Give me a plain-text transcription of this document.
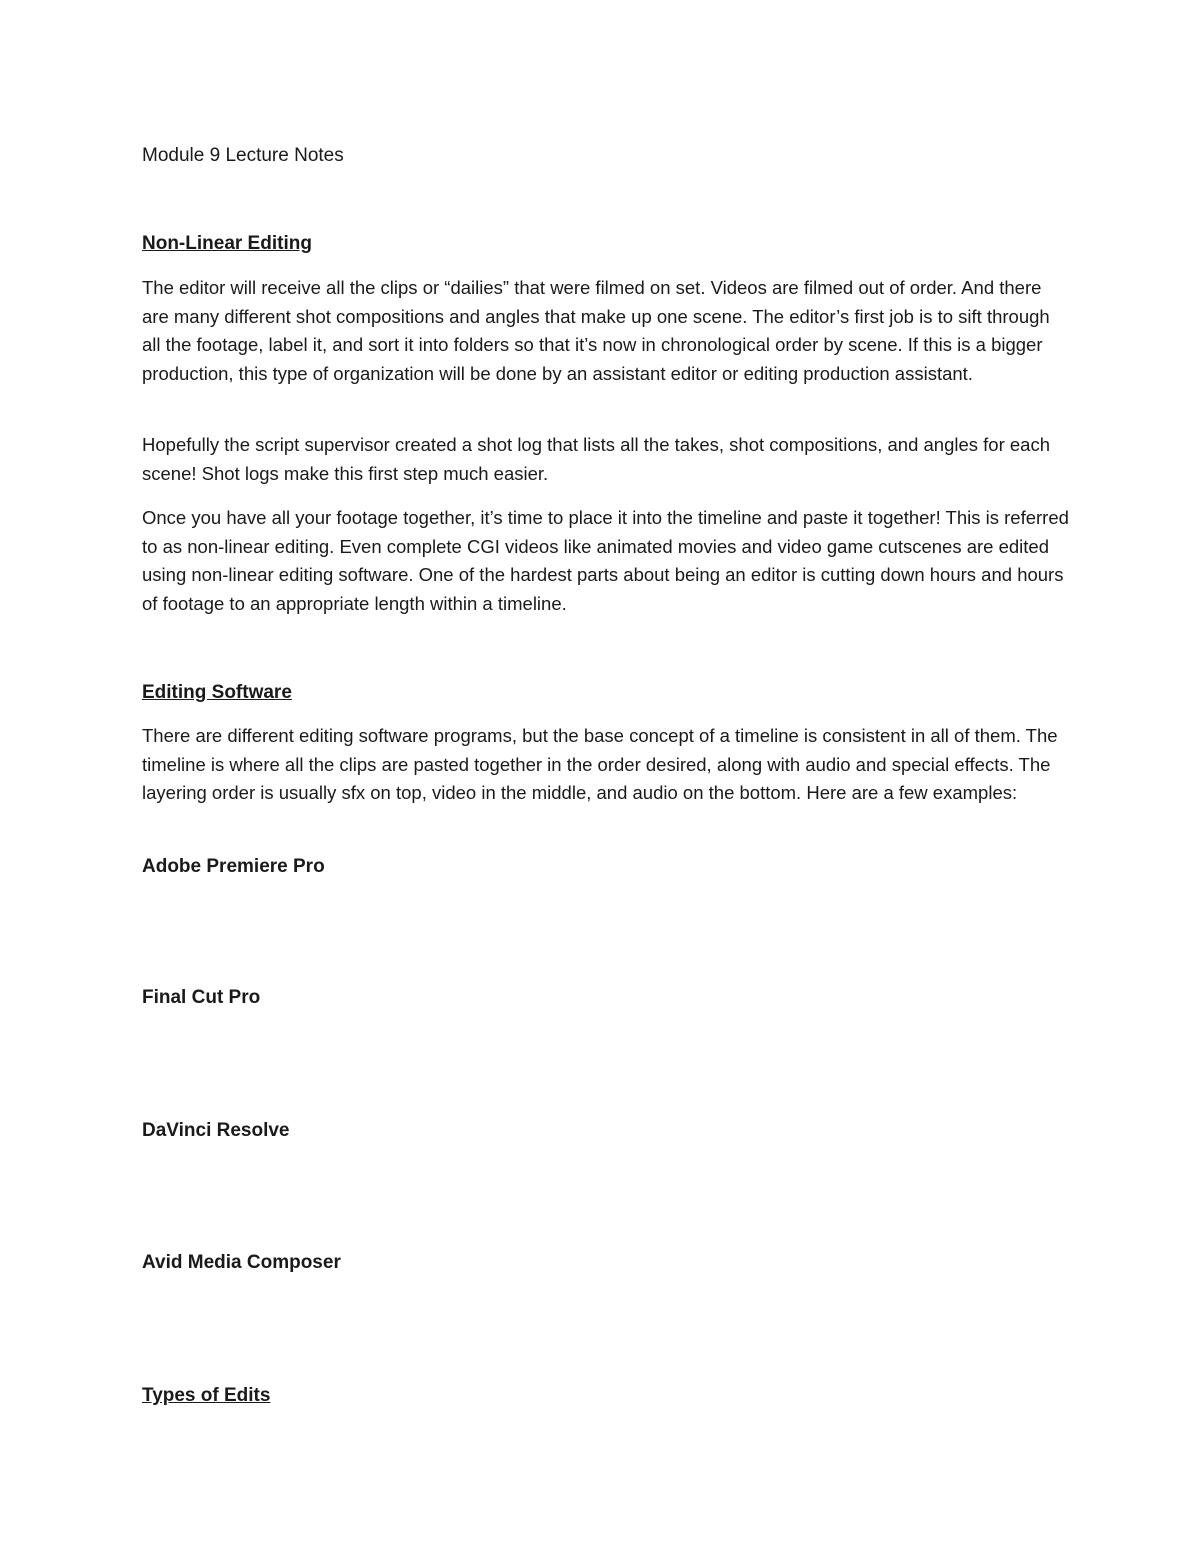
Module 9 Lecture Notes
Non-Linear Editing

The editor will receive all the clips or “dailies” that were filmed on set. Videos are filmed out of order. And there are many different shot compositions and angles that make up one scene. The editor’s first job is to sift through all the footage, label it, and sort it into folders so that it’s now in chronological order by scene. If this is a bigger production, this type of organization will be done by an assistant editor or editing production assistant.

Hopefully the script supervisor created a shot log that lists all the takes, shot compositions, and angles for each scene! Shot logs make this first step much easier.

Once you have all your footage together, it’s time to place it into the timeline and paste it together! This is referred to as non-linear editing. Even complete CGI videos like animated movies and video game cutscenes are edited using non-linear editing software. One of the hardest parts about being an editor is cutting down hours and hours of footage to an appropriate length within a timeline.

Editing Software

There are different editing software programs, but the base concept of a timeline is consistent in all of them. The timeline is where all the clips are pasted together in the order desired, along with audio and special effects. The layering order is usually sfx on top, video in the middle, and audio on the bottom. Here are a few examples:

Adobe Premiere Pro

Final Cut Pro

DaVinci Resolve

Avid Media Composer

Types of Edits
